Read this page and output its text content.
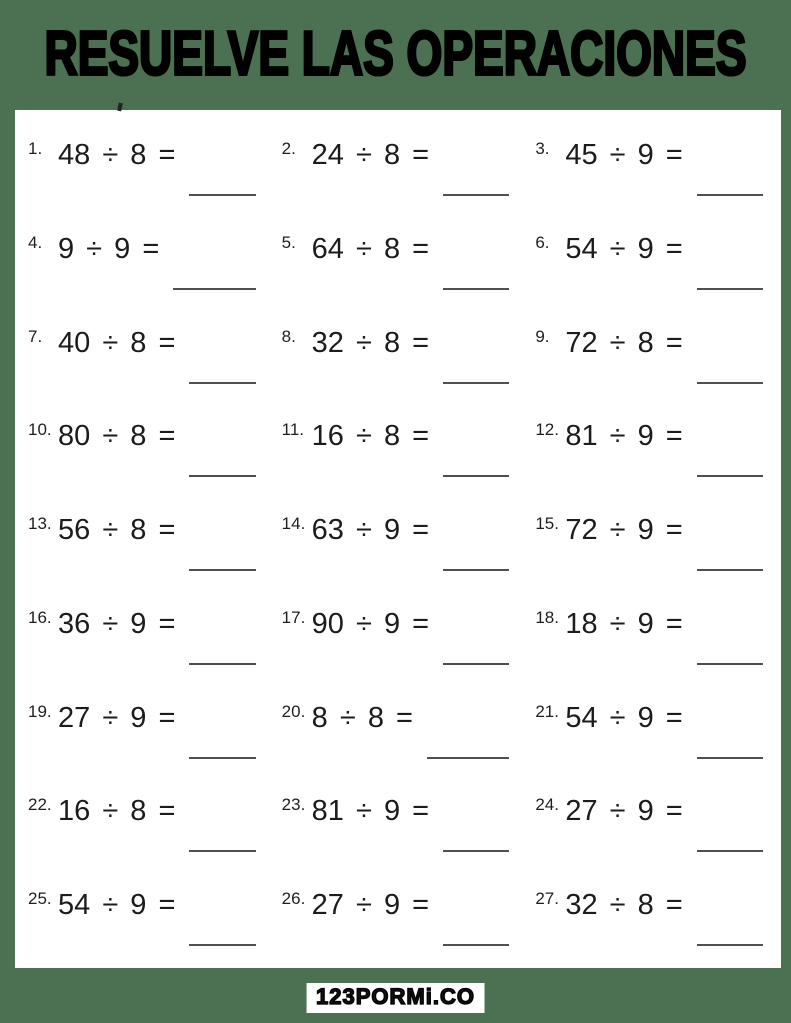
RESUELVE LAS OPERACIONES
1. 48 ÷ 8 =	2. 24 ÷ 8 =	3. 45 ÷ 9 =
4. 9 ÷ 9 =	5. 64 ÷ 8 =	6. 54 ÷ 9 =
7. 40 ÷ 8 =	8. 32 ÷ 8 =	9. 72 ÷ 8 =
10. 80 ÷ 8 =	11. 16 ÷ 8 =	12. 81 ÷ 9 =
13. 56 ÷ 8 =	14. 63 ÷ 9 =	15. 72 ÷ 9 =
16. 36 ÷ 9 =	17. 90 ÷ 9 =	18. 18 ÷ 9 =
19. 27 ÷ 9 =	20. 8 ÷ 8 =	21. 54 ÷ 9 =
22. 16 ÷ 8 =	23. 81 ÷ 9 =	24. 27 ÷ 9 =
25. 54 ÷ 9 =	26. 27 ÷ 9 =	27. 32 ÷ 8 =
123PORMi.CO
